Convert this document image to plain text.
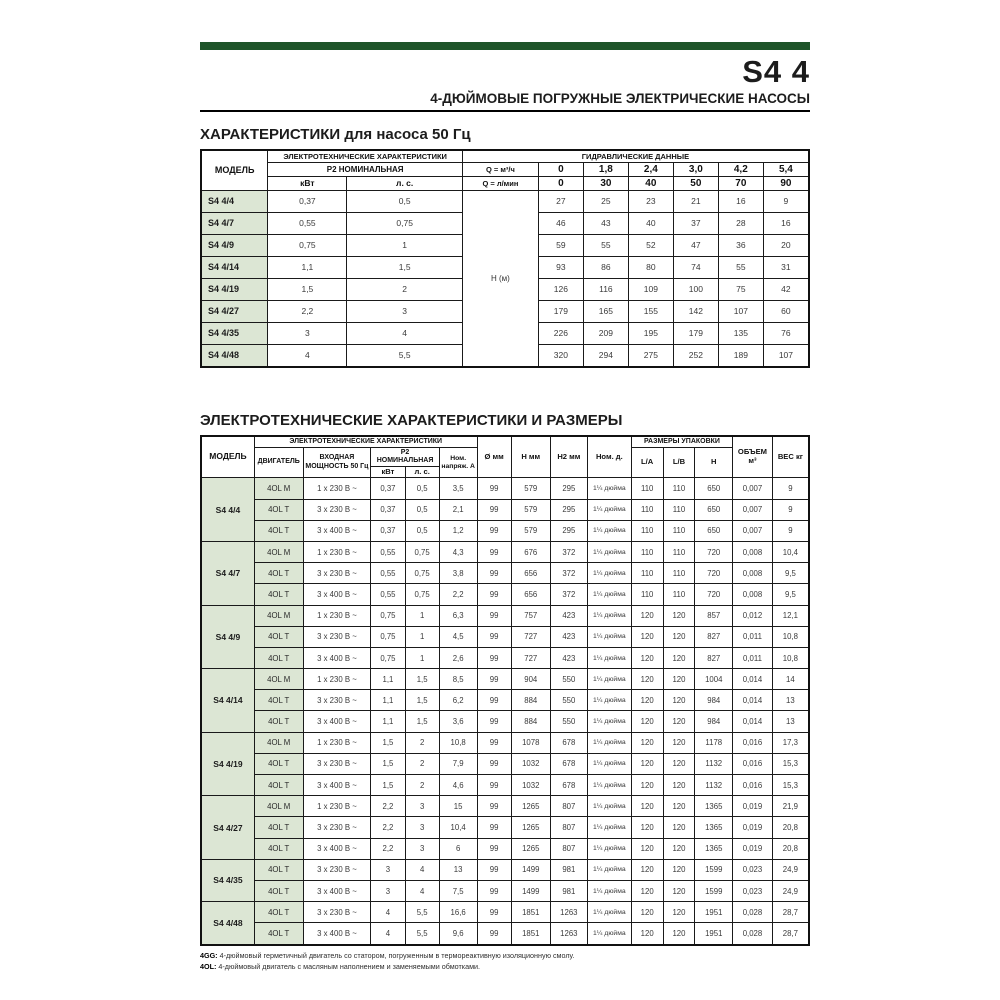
S4 4
4-ДЮЙМОВЫЕ ПОГРУЖНЫЕ ЭЛЕКТРИЧЕСКИЕ НАСОСЫ
ХАРАКТЕРИСТИКИ для насоса 50 Гц
МОДЕЛЬ	ЭЛЕКТРОТЕХНИЧЕСКИЕ ХАРАКТЕРИСТИКИ		ГИДРАВЛИЧЕСКИЕ ДАННЫЕ						
	Р2 НОМИНАЛЬНАЯ		Q = м³/ч	0	1,8	2,4	3,0	4,2	5,4
	кВт	л. с.	Q = л/мин	0	30	40	50	70	90
S4 4/4	0,37	0,5	Н (м)	27	25	23	21	16	9
S4 4/7	0,55	0,75		46	43	40	37	28	16
S4 4/9	0,75	1		59	55	52	47	36	20
S4 4/14	1,1	1,5		93	86	80	74	55	31
S4 4/19	1,5	2		126	116	109	100	75	42
S4 4/27	2,2	3		179	165	155	142	107	60
S4 4/35	3	4		226	209	195	179	135	76
S4 4/48	4	5,5		320	294	275	252	189	107
ЭЛЕКТРОТЕХНИЧЕСКИЕ ХАРАКТЕРИСТИКИ И РАЗМЕРЫ
МОДЕЛЬ	ЭЛЕКТРОТЕХНИЧЕСКИЕ ХАРАКТЕРИСТИКИ					Ø мм	Н мм	Н2 мм	Ном. д.	РАЗМЕРЫ УПАКОВКИ			ОБЪЕМ м³	ВЕС кг
	ДВИГАТЕЛЬ	ВХОДНАЯ МОЩНОСТЬ 50 Гц	Р2 НОМИНАЛЬНАЯ		Ном. напряж. А					L/A	L/B	Н		
			кВт	л. с.										
S4 4/4	4OL M	1 x 230 В ~	0,37	0,5	3,5	99	579	295	1¼ дюйма	110	110	650	0,007	9
	4OL T	3 x 230 В ~	0,37	0,5	2,1	99	579	295	1¼ дюйма	110	110	650	0,007	9
	4OL T	3 x 400 В ~	0,37	0,5	1,2	99	579	295	1¼ дюйма	110	110	650	0,007	9
S4 4/7	4OL M	1 x 230 В ~	0,55	0,75	4,3	99	676	372	1¼ дюйма	110	110	720	0,008	10,4
	4OL T	3 x 230 В ~	0,55	0,75	3,8	99	656	372	1¼ дюйма	110	110	720	0,008	9,5
	4OL T	3 x 400 В ~	0,55	0,75	2,2	99	656	372	1¼ дюйма	110	110	720	0,008	9,5
S4 4/9	4OL M	1 x 230 В ~	0,75	1	6,3	99	757	423	1¼ дюйма	120	120	857	0,012	12,1
	4OL T	3 x 230 В ~	0,75	1	4,5	99	727	423	1¼ дюйма	120	120	827	0,011	10,8
	4OL T	3 x 400 В ~	0,75	1	2,6	99	727	423	1¼ дюйма	120	120	827	0,011	10,8
S4 4/14	4OL M	1 x 230 В ~	1,1	1,5	8,5	99	904	550	1¼ дюйма	120	120	1004	0,014	14
	4OL T	3 x 230 В ~	1,1	1,5	6,2	99	884	550	1¼ дюйма	120	120	984	0,014	13
	4OL T	3 x 400 В ~	1,1	1,5	3,6	99	884	550	1¼ дюйма	120	120	984	0,014	13
S4 4/19	4OL M	1 x 230 В ~	1,5	2	10,8	99	1078	678	1¼ дюйма	120	120	1178	0,016	17,3
	4OL T	3 x 230 В ~	1,5	2	7,9	99	1032	678	1¼ дюйма	120	120	1132	0,016	15,3
	4OL T	3 x 400 В ~	1,5	2	4,6	99	1032	678	1¼ дюйма	120	120	1132	0,016	15,3
S4 4/27	4OL M	1 x 230 В ~	2,2	3	15	99	1265	807	1¼ дюйма	120	120	1365	0,019	21,9
	4OL T	3 x 230 В ~	2,2	3	10,4	99	1265	807	1¼ дюйма	120	120	1365	0,019	20,8
	4OL T	3 x 400 В ~	2,2	3	6	99	1265	807	1¼ дюйма	120	120	1365	0,019	20,8
S4 4/35	4OL T	3 x 230 В ~	3	4	13	99	1499	981	1¼ дюйма	120	120	1599	0,023	24,9
	4OL T	3 x 400 В ~	3	4	7,5	99	1499	981	1¼ дюйма	120	120	1599	0,023	24,9
S4 4/48	4OL T	3 x 230 В ~	4	5,5	16,6	99	1851	1263	1¼ дюйма	120	120	1951	0,028	28,7
	4OL T	3 x 400 В ~	4	5,5	9,6	99	1851	1263	1¼ дюйма	120	120	1951	0,028	28,7
4GG: 4-дюймовый герметичный двигатель со статором, погруженным в термореактивную изоляционную смолу.
4OL: 4-дюймовый двигатель с масляным наполнением и заменяемыми обмотками.
